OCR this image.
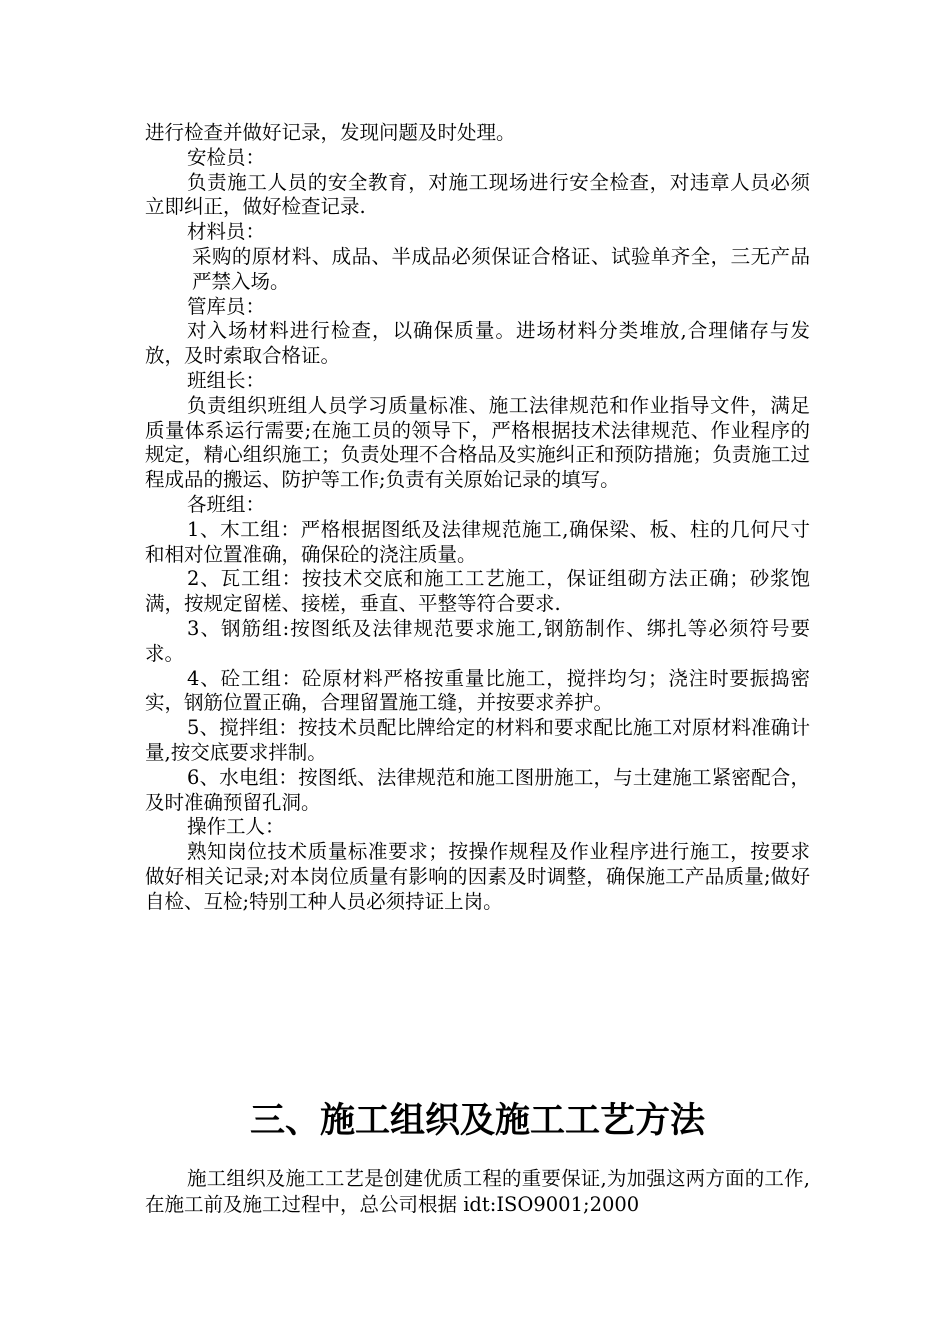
进行检查并做好记录，发现问题及时处理。

安检员：

负责施工人员的安全教育，对施工现场进行安全检查，对违章人员必须立即纠正，做好检查记录.

材料员：

采购的原材料、成品、半成品必须保证合格证、试验单齐全，三无产品严禁入场。

管库员：

对入场材料进行检查，以确保质量。进场材料分类堆放,合理储存与发放，及时索取合格证。

班组长：

负责组织班组人员学习质量标准、施工法律规范和作业指导文件，满足质量体系运行需要;在施工员的领导下，严格根据技术法律规范、作业程序的规定，精心组织施工；负责处理不合格品及实施纠正和预防措施；负责施工过程成品的搬运、防护等工作;负责有关原始记录的填写。

各班组：

1、木工组：严格根据图纸及法律规范施工,确保梁、板、柱的几何尺寸和相对位置准确，确保砼的浇注质量。

2、瓦工组：按技术交底和施工工艺施工，保证组砌方法正确；砂浆饱满，按规定留槎、接槎，垂直、平整等符合要求.

3、钢筋组:按图纸及法律规范要求施工,钢筋制作、绑扎等必须符号要求。

4、砼工组：砼原材料严格按重量比施工，搅拌均匀；浇注时要振捣密实，钢筋位置正确，合理留置施工缝，并按要求养护。

5、搅拌组：按技术员配比牌给定的材料和要求配比施工对原材料准确计量,按交底要求拌制。

6、水电组：按图纸、法律规范和施工图册施工，与土建施工紧密配合，及时准确预留孔洞。

操作工人：

熟知岗位技术质量标准要求；按操作规程及作业程序进行施工，按要求做好相关记录;对本岗位质量有影响的因素及时调整，确保施工产品质量;做好自检、互检;特别工种人员必须持证上岗。

三、施工组织及施工工艺方法

施工组织及施工工艺是创建优质工程的重要保证,为加强这两方面的工作,在施工前及施工过程中，总公司根据 idt:ISO9001;2000
